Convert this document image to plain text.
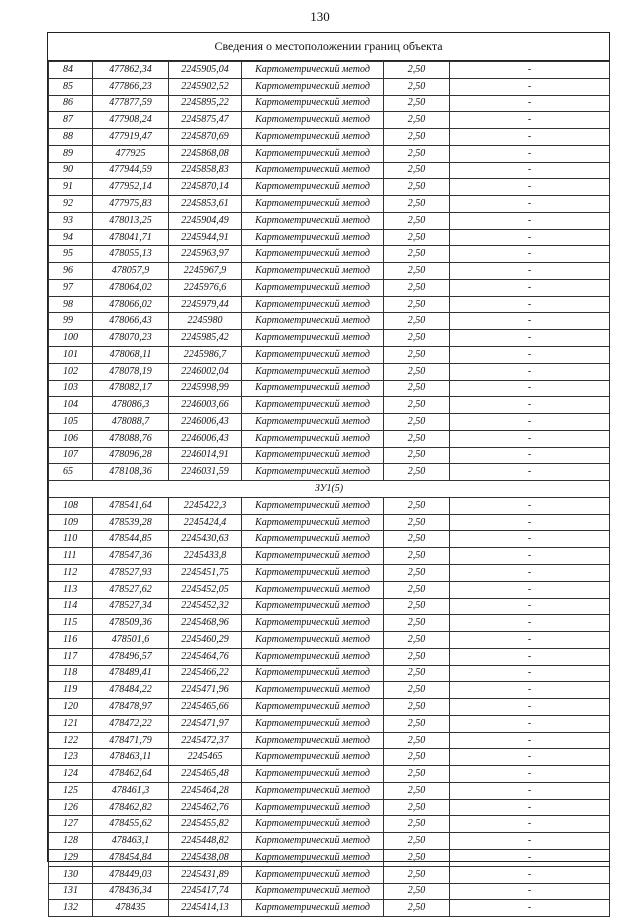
130
Сведения о местоположении границ объекта
84	477862,34	2245905,04	Картометрический метод	2,50	-
85	477866,23	2245902,52	Картометрический метод	2,50	-
86	477877,59	2245895,22	Картометрический метод	2,50	-
87	477908,24	2245875,47	Картометрический метод	2,50	-
88	477919,47	2245870,69	Картометрический метод	2,50	-
89	477925	2245868,08	Картометрический метод	2,50	-
90	477944,59	2245858,83	Картометрический метод	2,50	-
91	477952,14	2245870,14	Картометрический метод	2,50	-
92	477975,83	2245853,61	Картометрический метод	2,50	-
93	478013,25	2245904,49	Картометрический метод	2,50	-
94	478041,71	2245944,91	Картометрический метод	2,50	-
95	478055,13	2245963,97	Картометрический метод	2,50	-
96	478057,9	2245967,9	Картометрический метод	2,50	-
97	478064,02	2245976,6	Картометрический метод	2,50	-
98	478066,02	2245979,44	Картометрический метод	2,50	-
99	478066,43	2245980	Картометрический метод	2,50	-
100	478070,23	2245985,42	Картометрический метод	2,50	-
101	478068,11	2245986,7	Картометрический метод	2,50	-
102	478078,19	2246002,04	Картометрический метод	2,50	-
103	478082,17	2245998,99	Картометрический метод	2,50	-
104	478086,3	2246003,66	Картометрический метод	2,50	-
105	478088,7	2246006,43	Картометрический метод	2,50	-
106	478088,76	2246006,43	Картометрический метод	2,50	-
107	478096,28	2246014,91	Картометрический метод	2,50	-
65	478108,36	2246031,59	Картометрический метод	2,50	-
ЗУ1(5)					
108	478541,64	2245422,3	Картометрический метод	2,50	-
109	478539,28	2245424,4	Картометрический метод	2,50	-
110	478544,85	2245430,63	Картометрический метод	2,50	-
111	478547,36	2245433,8	Картометрический метод	2,50	-
112	478527,93	2245451,75	Картометрический метод	2,50	-
113	478527,62	2245452,05	Картометрический метод	2,50	-
114	478527,34	2245452,32	Картометрический метод	2,50	-
115	478509,36	2245468,96	Картометрический метод	2,50	-
116	478501,6	2245460,29	Картометрический метод	2,50	-
117	478496,57	2245464,76	Картометрический метод	2,50	-
118	478489,41	2245466,22	Картометрический метод	2,50	-
119	478484,22	2245471,96	Картометрический метод	2,50	-
120	478478,97	2245465,66	Картометрический метод	2,50	-
121	478472,22	2245471,97	Картометрический метод	2,50	-
122	478471,79	2245472,37	Картометрический метод	2,50	-
123	478463,11	2245465	Картометрический метод	2,50	-
124	478462,64	2245465,48	Картометрический метод	2,50	-
125	478461,3	2245464,28	Картометрический метод	2,50	-
126	478462,82	2245462,76	Картометрический метод	2,50	-
127	478455,62	2245455,82	Картометрический метод	2,50	-
128	478463,1	2245448,82	Картометрический метод	2,50	-
129	478454,84	2245438,08	Картометрический метод	2,50	-
130	478449,03	2245431,89	Картометрический метод	2,50	-
131	478436,34	2245417,74	Картометрический метод	2,50	-
132	478435	2245414,13	Картометрический метод	2,50	-
